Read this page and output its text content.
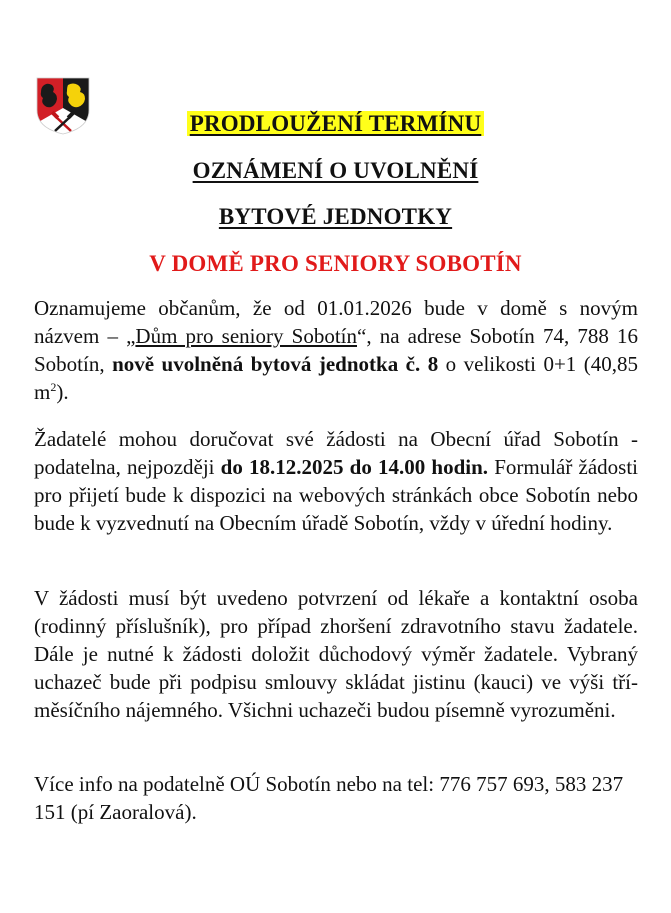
PRODLOUŽENÍ TERMÍNU
OZNÁMENÍ O UVOLNĚNÍ
BYTOVÉ JEDNOTKY
V DOMĚ PRO SENIORY SOBOTÍN

Oznamujeme občanům, že od 01.01.2026 bude v domě s novým názvem – „Dům pro seniory Sobotín“, na adrese Sobotín 74, 788 16 Sobotín, nově uvolněná bytová jednotka č. 8 o velikosti 0+1 (40,85 $m^2$).

Žadatelé mohou doručovat své žádosti na Obecní úřad Sobotín - podatelna, nejpozději do 18.12.2025 do 14.00 hodin. Formulář žádosti pro přijetí bude k dispozici na webových stránkách obce Sobotín nebo bude k vyzvednutí na Obecním úřadě Sobotín, vždy v úřední hodiny.

V žádosti musí být uvedeno potvrzení od lékaře a kontaktní osoba (rodinný příslušník), pro případ zhoršení zdravotního stavu žadatele. Dále je nutné k žádosti doložit důchodový výměr žadatele. Vybraný uchazeč bude při podpisu smlouvy skládat jistinu (kauci) ve výši tří-měsíčního nájemného. Všichni uchazeči budou písemně vyrozuměni.

Více info na podatelně OÚ Sobotín nebo na tel: 776 757 693, 583 237 151 (pí Zaoralová).
